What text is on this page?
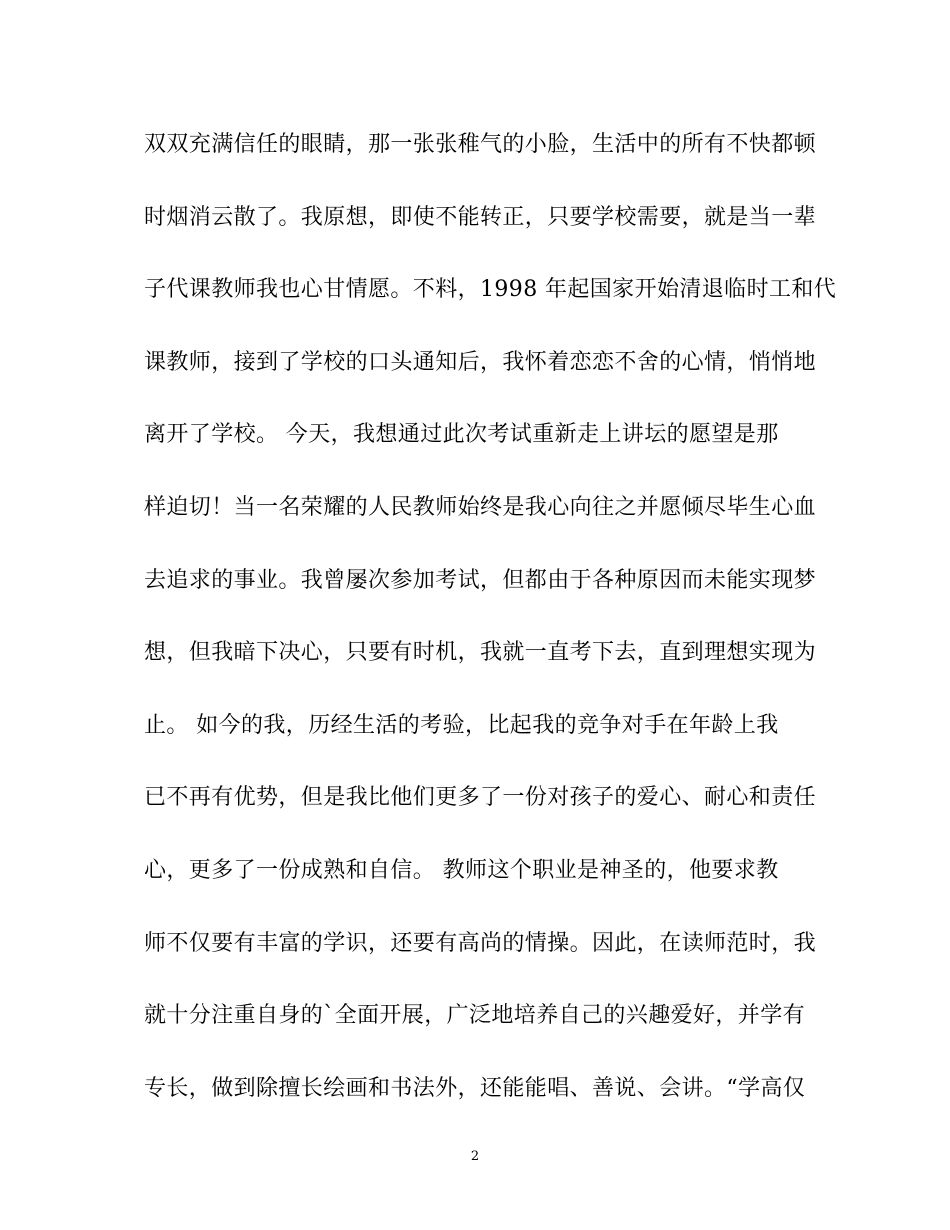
双双充满信任的眼睛，那一张张稚气的小脸，生活中的所有不快都顿
时烟消云散了。我原想，即使不能转正，只要学校需要，就是当一辈
子代课教师我也心甘情愿。不料，1998 年起国家开始清退临时工和代
课教师，接到了学校的口头通知后，我怀着恋恋不舍的心情，悄悄地
离开了学校。 今天，我想通过此次考试重新走上讲坛的愿望是那
样迫切！当一名荣耀的人民教师始终是我心向往之并愿倾尽毕生心血
去追求的事业。我曾屡次参加考试，但都由于各种原因而未能实现梦
想，但我暗下决心，只要有时机，我就一直考下去，直到理想实现为
止。 如今的我，历经生活的考验，比起我的竞争对手在年龄上我
已不再有优势，但是我比他们更多了一份对孩子的爱心、耐心和责任
心，更多了一份成熟和自信。 教师这个职业是神圣的，他要求教
师不仅要有丰富的学识，还要有高尚的情操。因此，在读师范时，我
就十分注重自身的`全面开展，广泛地培养自己的兴趣爱好，并学有
专长，做到除擅长绘画和书法外，还能能唱、善说、会讲。“学高仅
2
